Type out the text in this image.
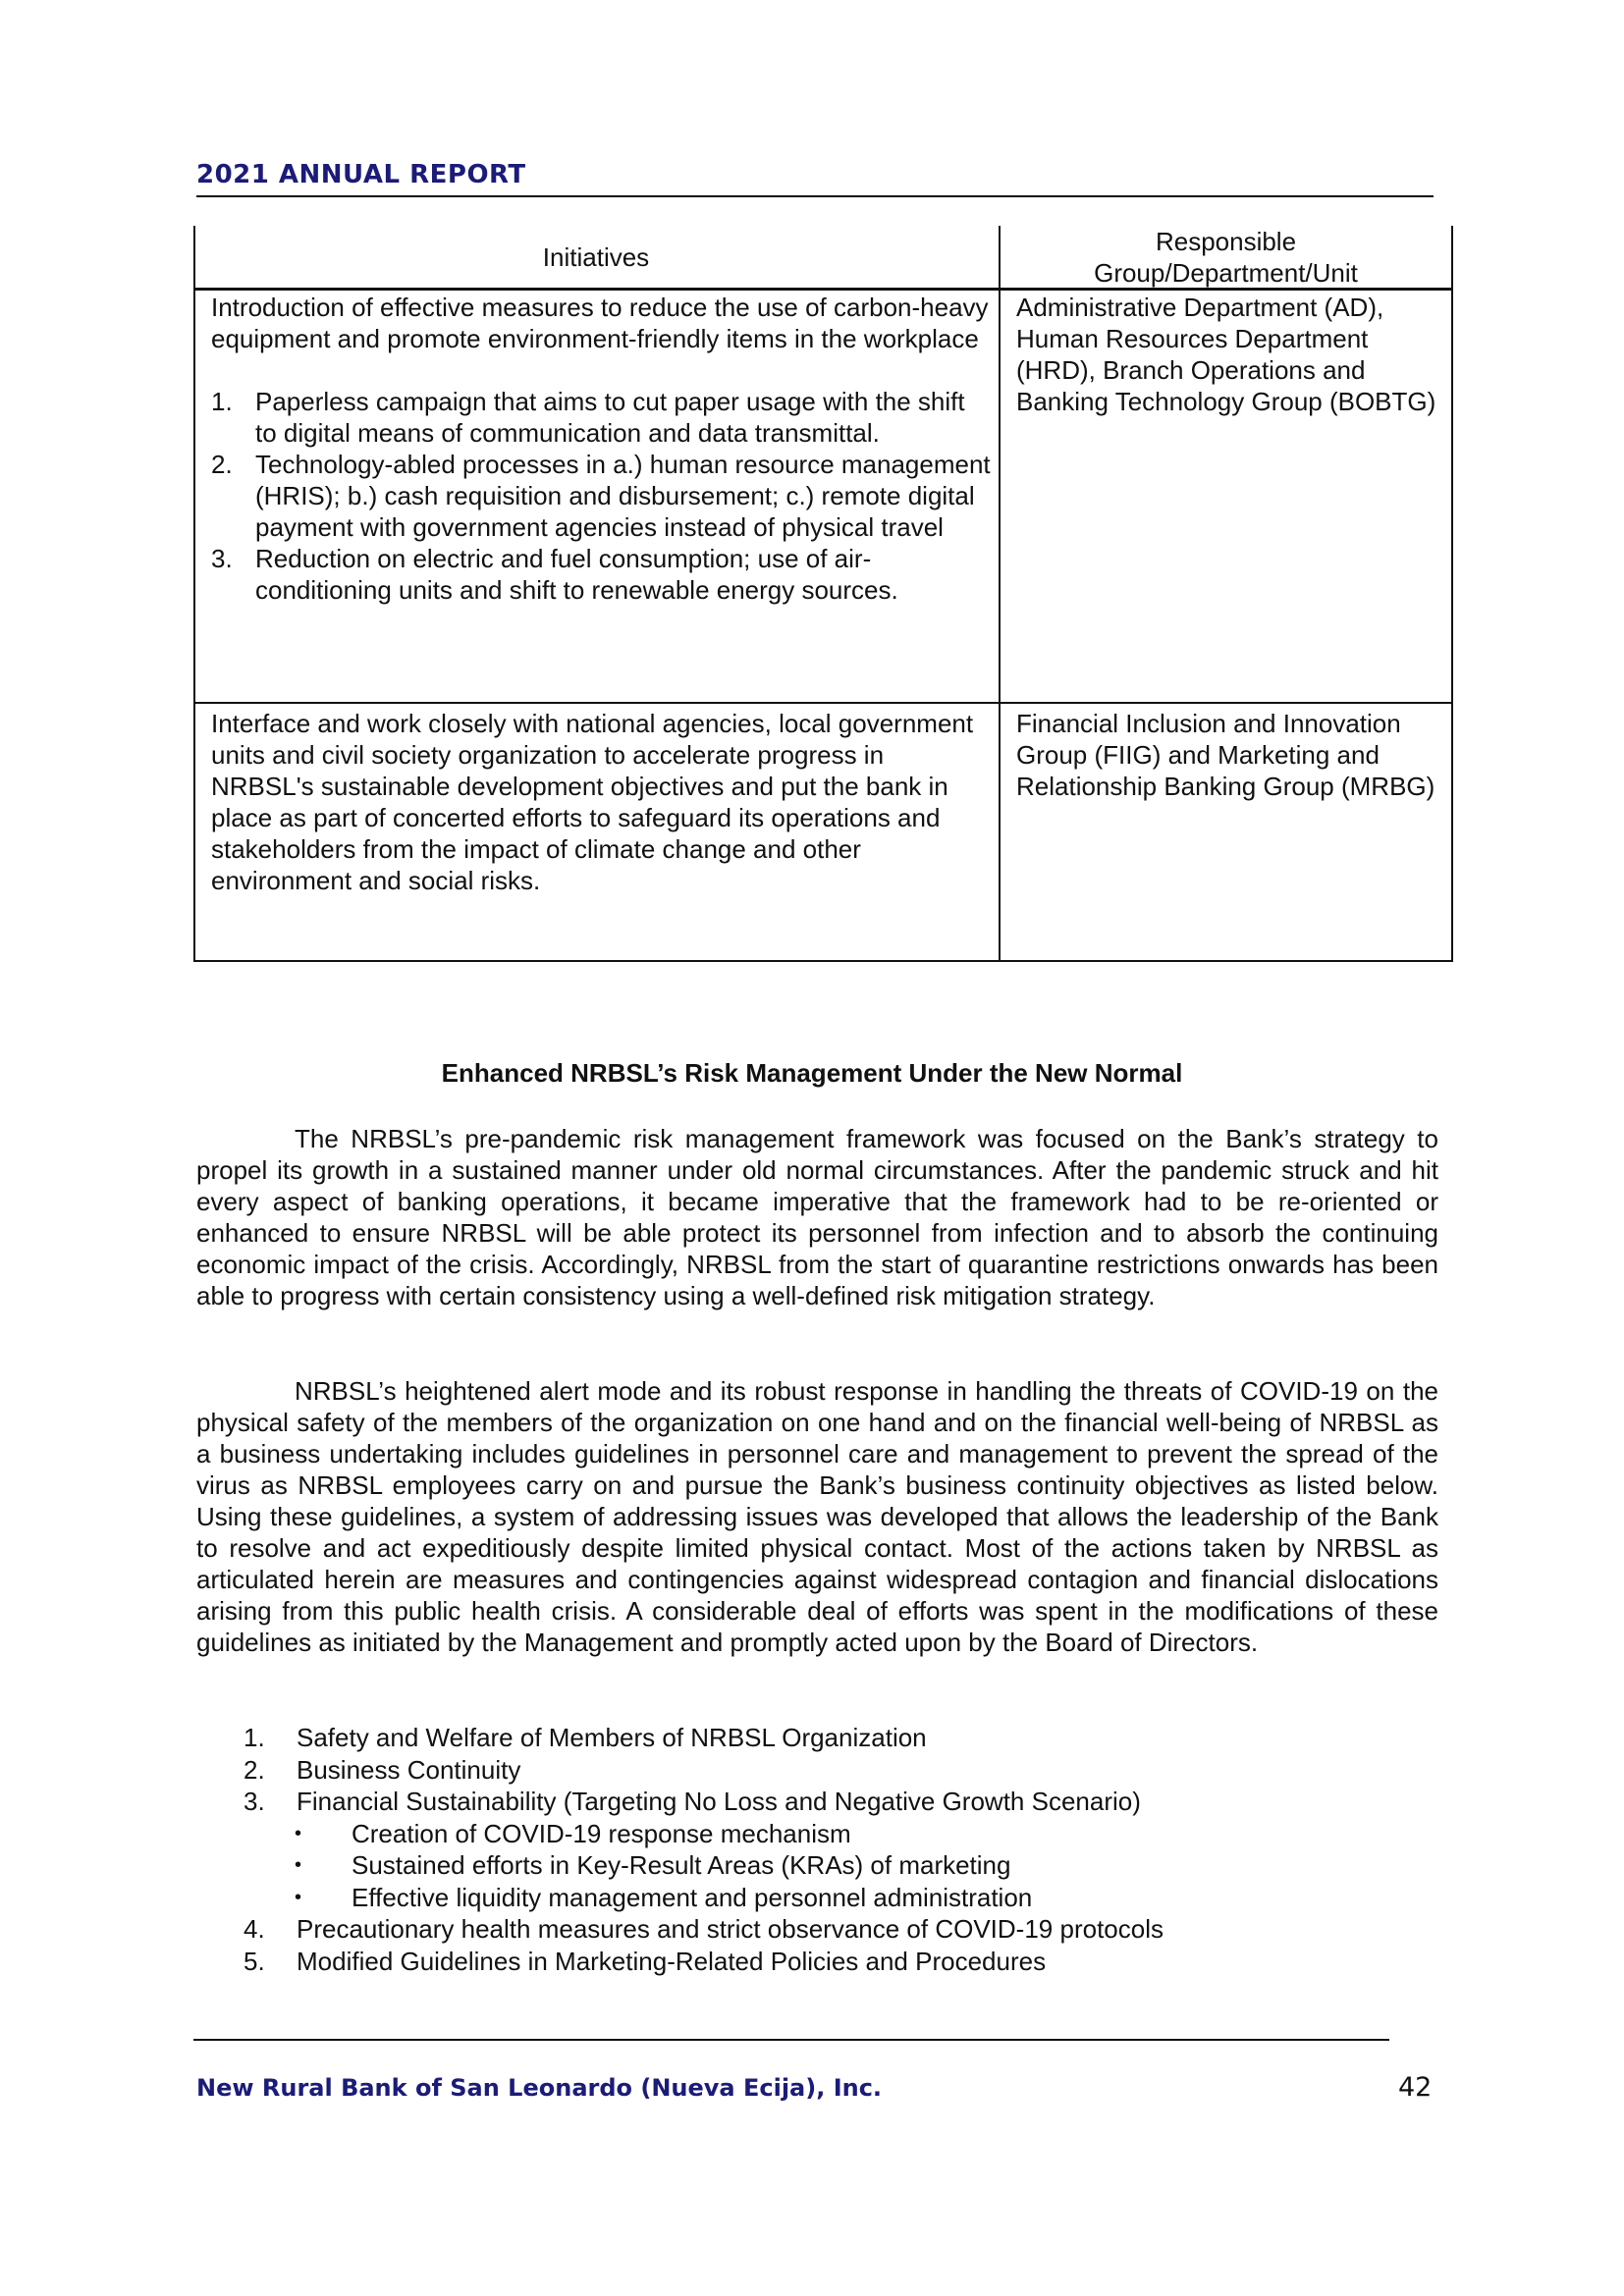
2021 ANNUAL REPORT
Initiatives
Responsible
Group/Department/Unit
Introduction of effective measures to reduce the use of carbon-heavy equipment and promote environment-friendly items in the workplace
1. Paperless campaign that aims to cut paper usage with the shift to digital means of communication and data transmittal.
2. Technology-abled processes in a.) human resource management (HRIS); b.) cash requisition and disbursement; c.) remote digital payment with government agencies instead of physical travel
3. Reduction on electric and fuel consumption; use of air-conditioning units and shift to renewable energy sources.
Administrative Department (AD), Human Resources Department (HRD), Branch Operations and Banking Technology Group (BOBTG)
Interface and work closely with national agencies, local government units and civil society organization to accelerate progress in NRBSL's sustainable development objectives and put the bank in place as part of concerted efforts to safeguard its operations and stakeholders from the impact of climate change and other environment and social risks.
Financial Inclusion and Innovation Group (FIIG) and Marketing and Relationship Banking Group (MRBG)
Enhanced NRBSL’s Risk Management Under the New Normal
The NRBSL’s pre-pandemic risk management framework was focused on the Bank’s strategy to propel its growth in a sustained manner under old normal circumstances. After the pandemic struck and hit every aspect of banking operations, it became imperative that the framework had to be re-oriented or enhanced to ensure NRBSL will be able protect its personnel from infection and to absorb the continuing economic impact of the crisis. Accordingly, NRBSL from the start of quarantine restrictions onwards has been able to progress with certain consistency using a well-defined risk mitigation strategy.
NRBSL’s heightened alert mode and its robust response in handling the threats of COVID-19 on the physical safety of the members of the organization on one hand and on the financial well-being of NRBSL as a business undertaking includes guidelines in personnel care and management to prevent the spread of the virus as NRBSL employees carry on and pursue the Bank’s business continuity objectives as listed below. Using these guidelines, a system of addressing issues was developed that allows the leadership of the Bank to resolve and act expeditiously despite limited physical contact. Most of the actions taken by NRBSL as articulated herein are measures and contingencies against widespread contagion and financial dislocations arising from this public health crisis. A considerable deal of efforts was spent in the modifications of these guidelines as initiated by the Management and promptly acted upon by the Board of Directors.
1. Safety and Welfare of Members of NRBSL Organization
2. Business Continuity
3. Financial Sustainability (Targeting No Loss and Negative Growth Scenario)
• Creation of COVID-19 response mechanism
• Sustained efforts in Key-Result Areas (KRAs) of marketing
• Effective liquidity management and personnel administration
4. Precautionary health measures and strict observance of COVID-19 protocols
5. Modified Guidelines in Marketing-Related Policies and Procedures
New Rural Bank of San Leonardo (Nueva Ecija), Inc.	42
